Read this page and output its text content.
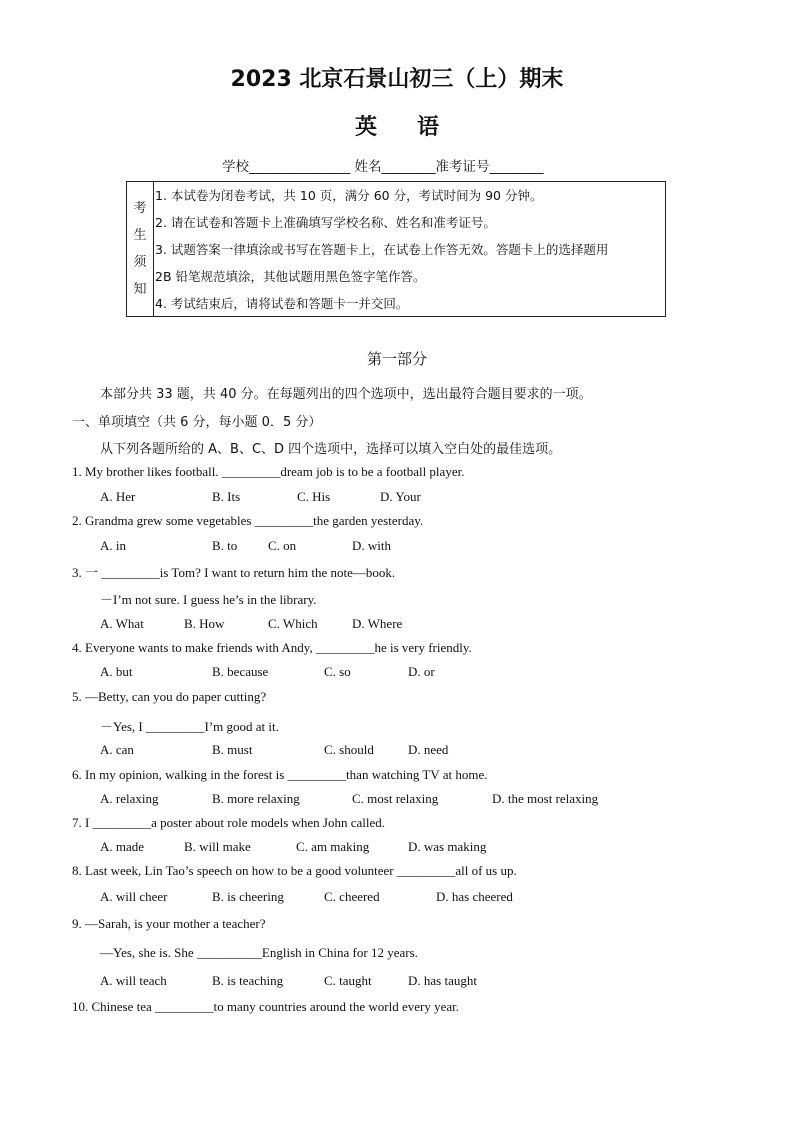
2023 北京石景山初三（上）期末
英语
学校_______________ 姓名________准考证号________
考
生
须
知
1. 本试卷为闭卷考试，共 10 页，满分 60 分，考试时间为 90 分钟。
2. 请在试卷和答题卡上准确填写学校名称、姓名和准考证号。
3. 试题答案一律填涂或书写在答题卡上，在试卷上作答无效。答题卡上的选择题用
2B 铅笔规范填涂，其他试题用黑色签字笔作答。
4. 考试结束后，请将试卷和答题卡一并交回。
第一部分
本部分共 33 题，共 40 分。在每题列出的四个选项中，选出最符合题目要求的一项。
一、单项填空（共 6 分，每小题 0．5 分）
从下列各题所给的 A、B、C、D 四个选项中，选择可以填入空白处的最佳选项。
1. My brother likes football. _________dream job is to be a football player.
A. Her	B. Its	C. His	D. Your
2. Grandma grew some vegetables _________the garden yesterday.
A. in	B. to C. on	D. with
3. 一 _________is Tom? I want to return him the note—book.
－I’m not sure. I guess he’s in the library.
A. What	B. How	C. Which	D. Where
4. Everyone wants to make friends with Andy, _________he is very friendly.
A. but	B. because	C. so	D. or
5. —Betty, can you do paper cutting?
－Yes, I _________I’m good at it.
A. can	B. must	C. should	D. need
6. In my opinion, walking in the forest is _________than watching TV at home.
A. relaxing	B. more relaxing	C. most relaxing	D. the most relaxing
7. I _________a poster about role models when John called.
A. made	B. will make	C. am making	D. was making
8. Last week, Lin Tao’s speech on how to be a good volunteer _________all of us up.
A. will cheer	B. is cheering	C. cheered	D. has cheered
9. —Sarah, is your mother a teacher?
—Yes, she is. She __________English in China for 12 years.
A. will teach	B. is teaching	C. taught	D. has taught
10. Chinese tea _________to many countries around the world every year.
